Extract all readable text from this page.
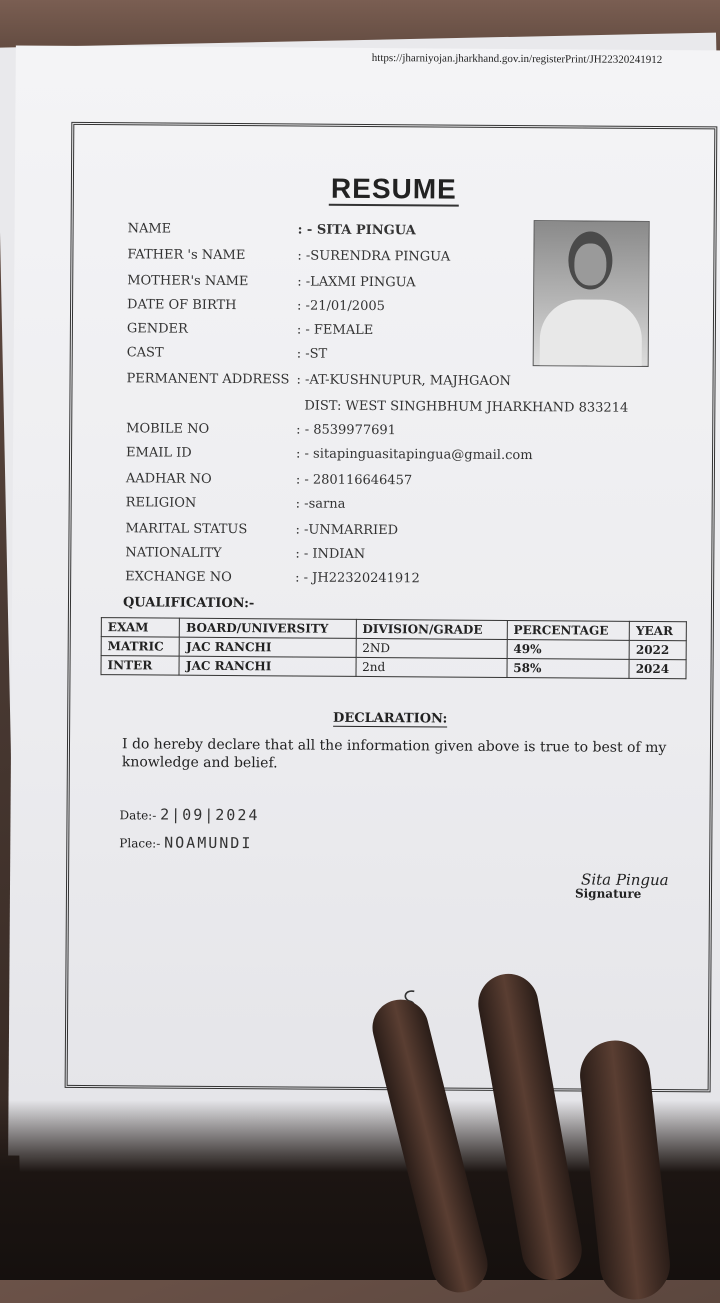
https://jharniyojan.jharkhand.gov.in/registerPrint/JH22320241912
RESUME
NAME	: - SITA PINGUA
FATHER 's NAME	: -SURENDRA PINGUA
MOTHER's NAME	: -LAXMI PINGUA
DATE OF BIRTH	: -21/01/2005
GENDER	: - FEMALE
CAST	: -ST
PERMANENT ADDRESS : -AT-KUSHNUPUR, MAJHGAON
DIST: WEST SINGHBHUM JHARKHAND 833214
MOBILE NO	: - 8539977691
EMAIL ID	: - sitapinguasitapingua@gmail.com
AADHAR NO	: - 280116646457
RELIGION	: -sarna
MARITAL STATUS	: -UNMARRIED
NATIONALITY	: - INDIAN
EXCHANGE NO	: - JH22320241912
QUALIFICATION:-
EXAM	BOARD/UNIVERSITY	DIVISION/GRADE	PERCENTAGE	YEAR
MATRIC	JAC RANCHI	2ND	49%	2022
INTER	JAC RANCHI	2nd	58%	2024
DECLARATION:
I do hereby declare that all the information given above is true to best of my knowledge and belief.
Date:- 2|09|2024
Place:- NOAMUNDI
Sita Pingua
Signature
